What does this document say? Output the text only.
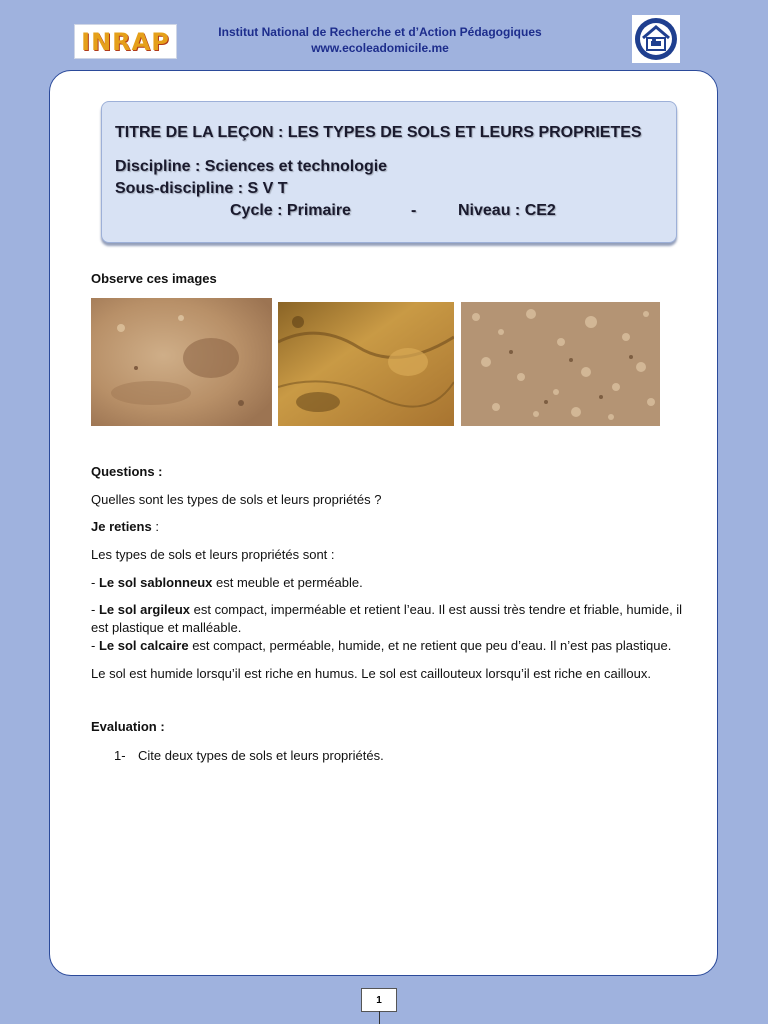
INRAP	Institut National de Recherche et d’Action Pédagogiques
www.ecoleadomicile.me
TITRE DE LA LEÇON : LES TYPES DE SOLS ET LEURS PROPRIETES
Discipline : Sciences et technologie
Sous-discipline : S V T
Cycle : Primaire	-	Niveau : CE2
Observe ces images
Questions :
Quelles sont les types de sols et leurs propriétés ?
Je retiens :
Les types de sols et leurs propriétés sont :
- Le sol sablonneux est meuble et perméable.
- Le sol argileux est compact, imperméable et retient l’eau. Il est aussi très tendre et friable, humide, il
est plastique et malléable.
- Le sol calcaire est compact, perméable, humide, et ne retient que peu d’eau. Il n’est pas plastique.
Le sol est humide lorsqu’il est riche en humus. Le sol est caillouteux lorsqu’il est riche en cailloux.
Evaluation :
1- Cite deux types de sols et leurs propriétés.
1
